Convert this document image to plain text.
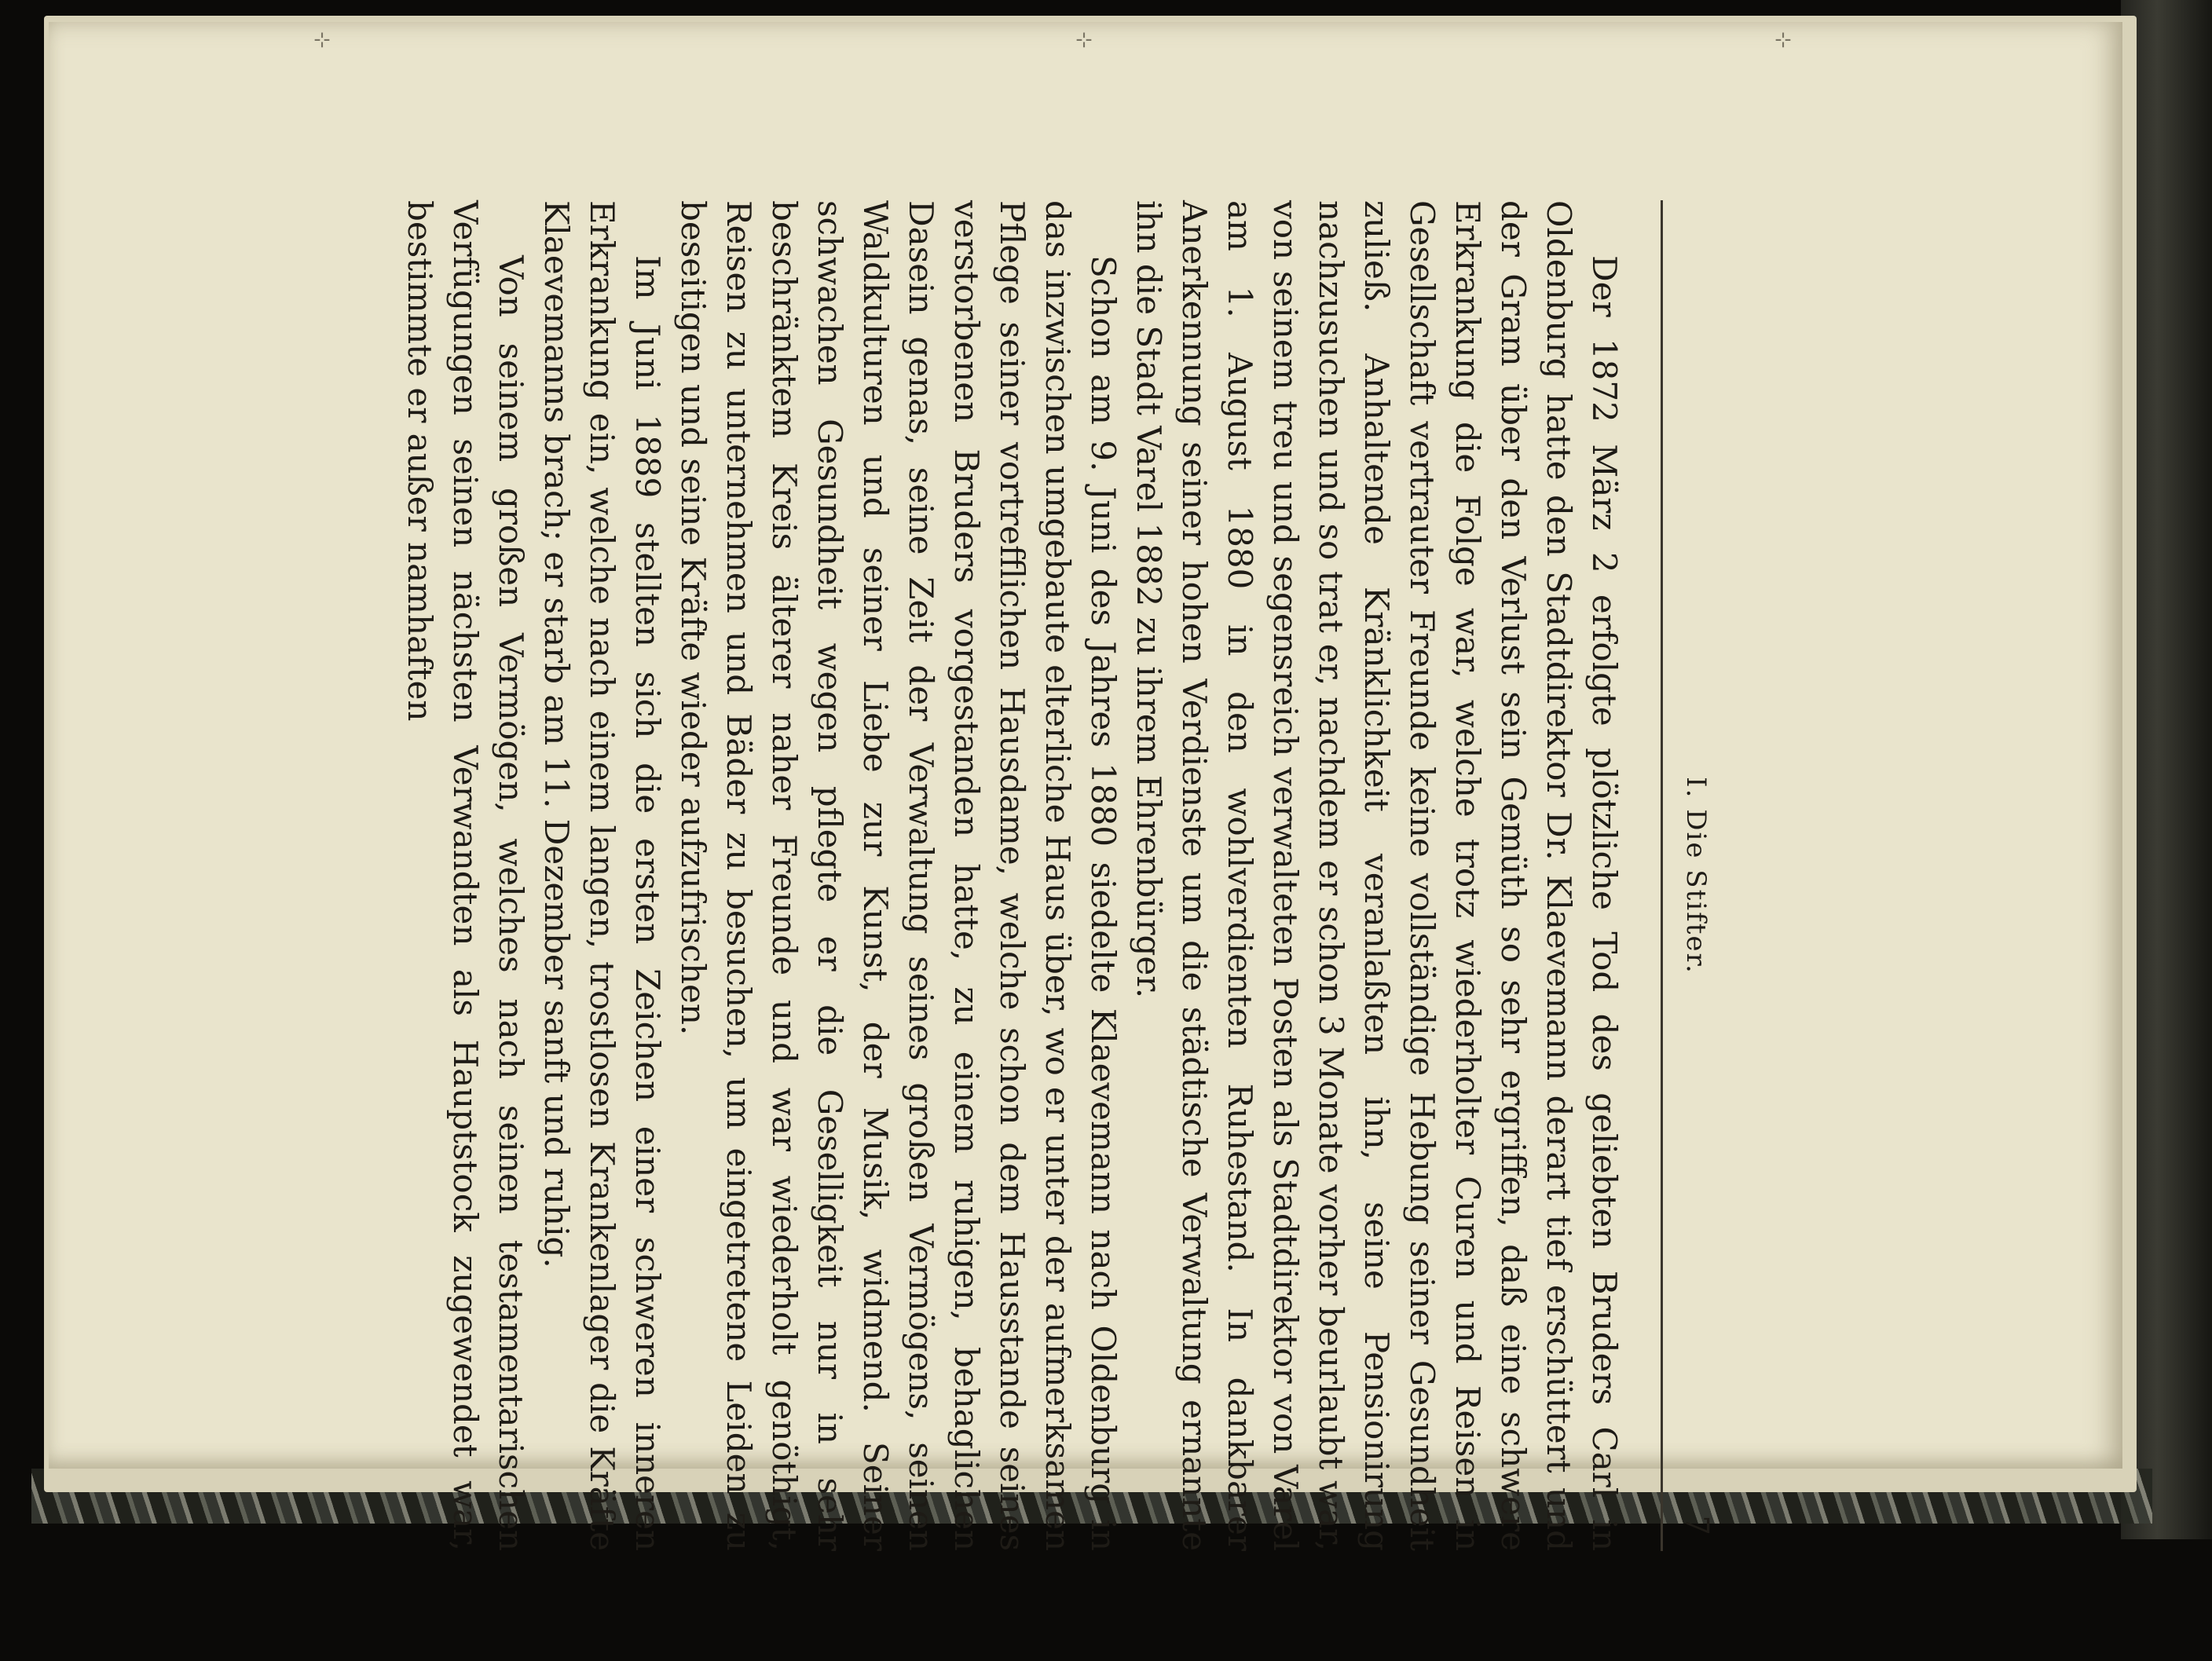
⊹	⊹	⊹
I. Die Stifter.
7

Der 1872 März 2 erfolgte plötzliche Tod des geliebten Bruders Carl in Oldenburg hatte den Stadtdirektor Dr. Klaevemann derart tief erschüttert und der Gram über den Verlust sein Gemüth so sehr ergriffen, daß eine schwere Erkrankung die Folge war, welche trotz wiederholter Curen und Reisen in Gesellschaft vertrauter Freunde keine vollständige Hebung seiner Gesundheit zuließ. Anhaltende Kränklichkeit veranlaßten ihn, seine Pensionirung nachzusuchen und so trat er, nachdem er schon 3 Monate vorher beurlaubt war, von seinem treu und segensreich verwalteten Posten als Stadtdirektor von Varel am 1. August 1880 in den wohlverdienten Ruhestand. In dankbarer Anerkennung seiner hohen Verdienste um die städtische Verwaltung ernannte ihn die Stadt Varel 1882 zu ihrem Ehrenbürger.

Schon am 9. Juni des Jahres 1880 siedelte Klaevemann nach Oldenburg in das inzwischen umgebaute elterliche Haus über, wo er unter der aufmerksamen Pflege seiner vortrefflichen Hausdame, welche schon dem Hausstande seines verstorbenen Bruders vorgestanden hatte, zu einem ruhigen, behaglichen Dasein genas, seine Zeit der Verwaltung seines großen Vermögens, seinen Waldkulturen und seiner Liebe zur Kunst, der Musik, widmend. Seiner schwachen Gesundheit wegen pflegte er die Geselligkeit nur in sehr beschränktem Kreis älterer naher Freunde und war wiederholt genöthigt, Reisen zu unternehmen und Bäder zu besuchen, um eingetretene Leiden zu beseitigen und seine Kräfte wieder aufzufrischen.

Im Juni 1889 stellten sich die ersten Zeichen einer schweren inneren Erkrankung ein, welche nach einem langen, trostlosen Krankenlager die Kräfte Klaevemanns brach; er starb am 11. Dezember sanft und ruhig.

Von seinem großen Vermögen, welches nach seinen testamentarischen Verfügungen seinen nächsten Verwandten als Hauptstock zugewendet war, bestimmte er außer namhaften
